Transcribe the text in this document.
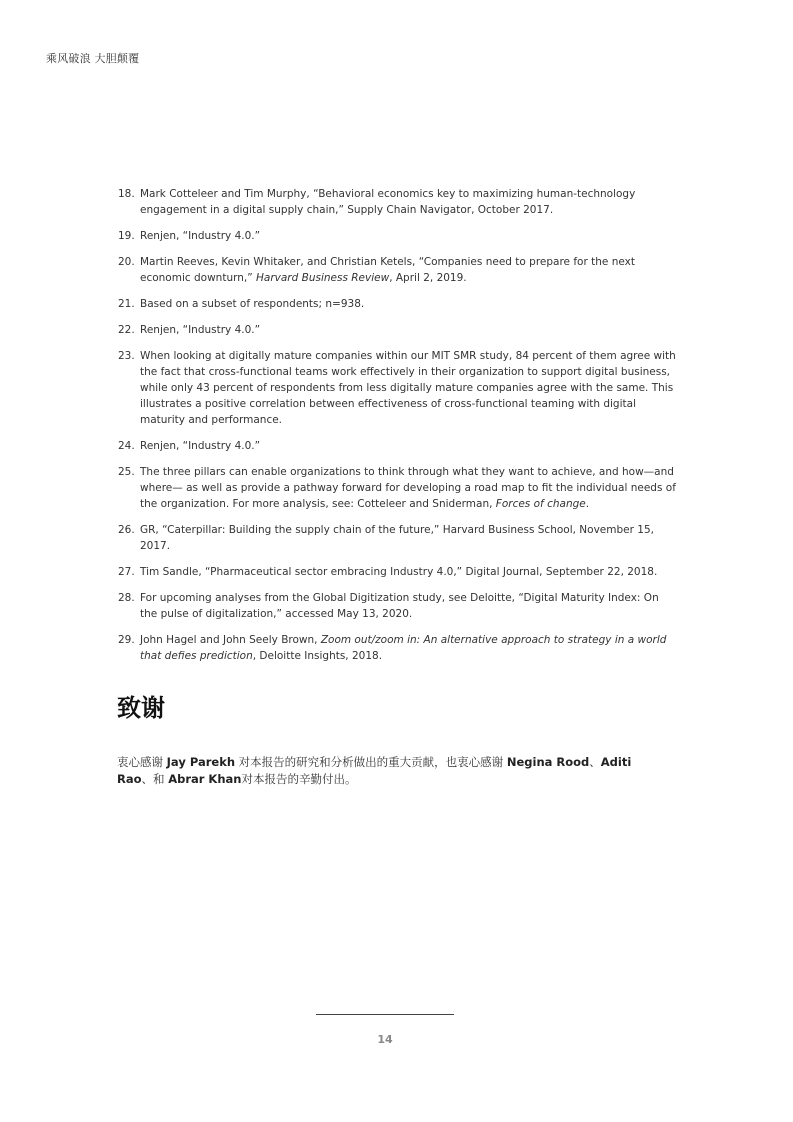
乘风破浪 大胆颠覆
18. Mark Cotteleer and Tim Murphy, “Behavioral economics key to maximizing human-technology engagement in a digital supply chain,” Supply Chain Navigator, October 2017.
19. Renjen, “Industry 4.0.”
20. Martin Reeves, Kevin Whitaker, and Christian Ketels, “Companies need to prepare for the next economic downturn,” Harvard Business Review, April 2, 2019.
21. Based on a subset of respondents; n=938.
22. Renjen, “Industry 4.0.”
23. When looking at digitally mature companies within our MIT SMR study, 84 percent of them agree with the fact that cross-functional teams work effectively in their organization to support digital business, while only 43 percent of respondents from less digitally mature companies agree with the same. This illustrates a positive correlation between effectiveness of cross-functional teaming with digital maturity and performance.
24. Renjen, “Industry 4.0.”
25. The three pillars can enable organizations to think through what they want to achieve, and how—and where— as well as provide a pathway forward for developing a road map to fit the individual needs of the organization. For more analysis, see: Cotteleer and Sniderman, Forces of change.
26. GR, “Caterpillar: Building the supply chain of the future,” Harvard Business School, November 15, 2017.
27. Tim Sandle, “Pharmaceutical sector embracing Industry 4.0,” Digital Journal, September 22, 2018.
28. For upcoming analyses from the Global Digitization study, see Deloitte, “Digital Maturity Index: On the pulse of digitalization,” accessed May 13, 2020.
29. John Hagel and John Seely Brown, Zoom out/zoom in: An alternative approach to strategy in a world that defies prediction, Deloitte Insights, 2018.
致谢

衷心感谢 Jay Parekh 对本报告的研究和分析做出的重大贡献，也衷心感谢 Negina Rood、Aditi Rao、和 Abrar Khan对本报告的辛勤付出。

14
